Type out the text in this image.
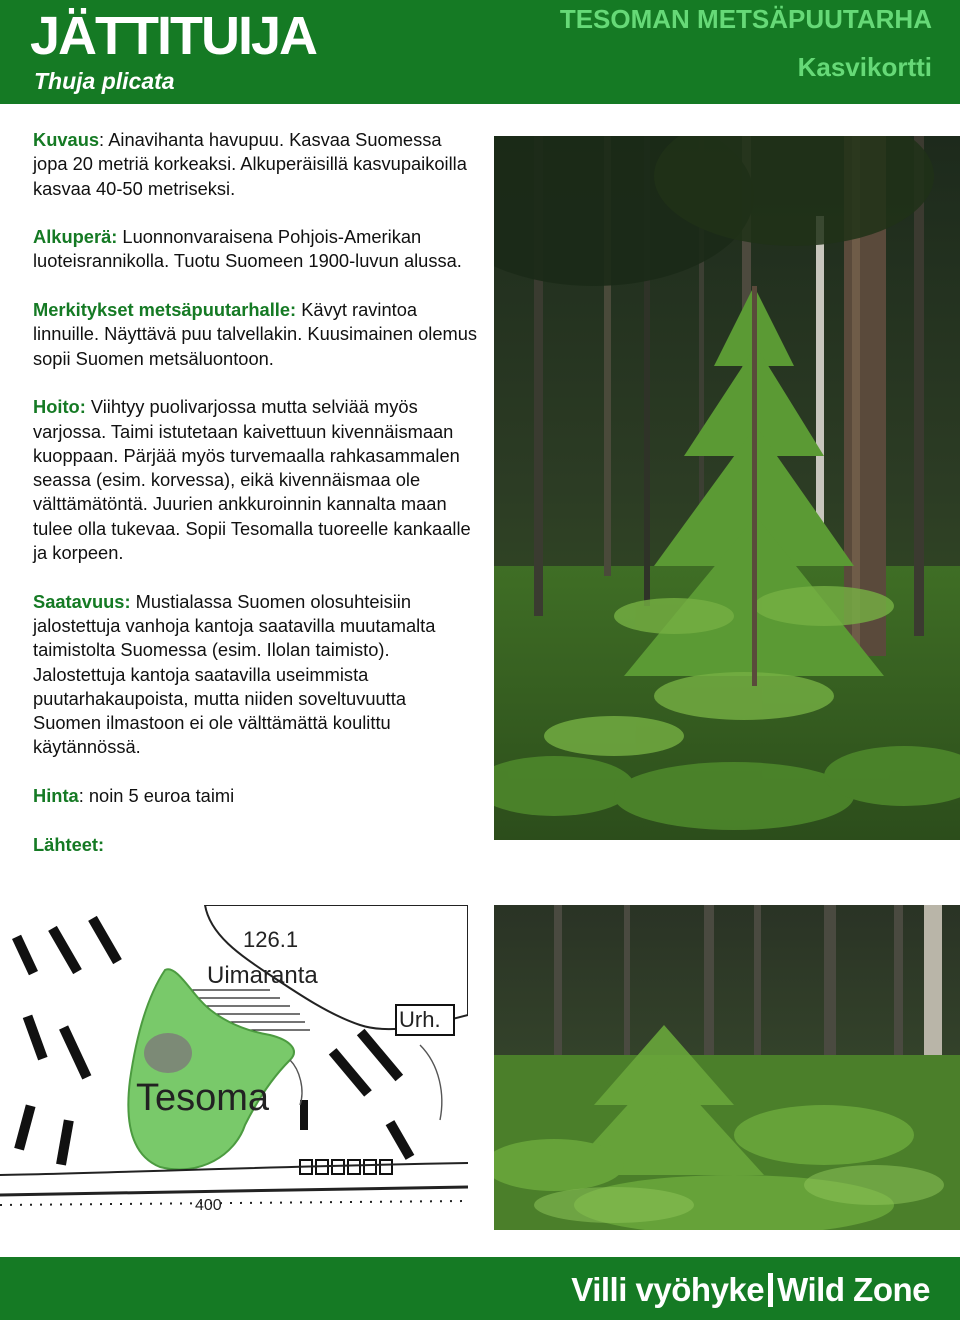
JÄTTITUIJA
Thuja plicata
TESOMAN METSÄPUUTARHA
Kasvikortti

Kuvaus: Ainavihanta havupuu. Kasvaa Suomessa jopa 20 metriä korkeaksi. Alkuperäisillä kasvupaikoilla kasvaa 40-50 metriseksi.

Alkuperä: Luonnonvaraisena Pohjois-Amerikan luoteisrannikolla. Tuotu Suomeen 1900-luvun alussa.

Merkitykset metsäpuutarhalle: Kävyt ravintoa linnuille. Näyttävä puu talvellakin. Kuusimainen olemus sopii Suomen metsäluontoon.

Hoito: Viihtyy puolivarjossa mutta selviää myös varjossa. Taimi istutetaan kaivettuun kivennäismaan kuoppaan. Pärjää myös turvemaalla rahkasammalen seassa (esim. korvessa), eikä kivennäismaa ole välttämätöntä. Juurien ankkuroinnin kannalta maan tulee olla tukevaa. Sopii Tesomalla tuoreelle kankaalle ja korpeen.

Saatavuus: Mustialassa Suomen olosuhteisiin jalostettuja vanhoja kantoja saatavilla muutamalta taimistolta Suomessa (esim. Ilolan taimisto). Jalostettuja kantoja saatavilla useimmista puutarhakaupoista, mutta niiden soveltuvuutta Suomen ilmastoon ei ole välttämättä koulittu käytännössä.

Hinta: noin 5 euroa taimi

Lähteet:

126.1
Uimaranta
Tesoma
Urh.
400
Villi vyöhyke Wild Zone
